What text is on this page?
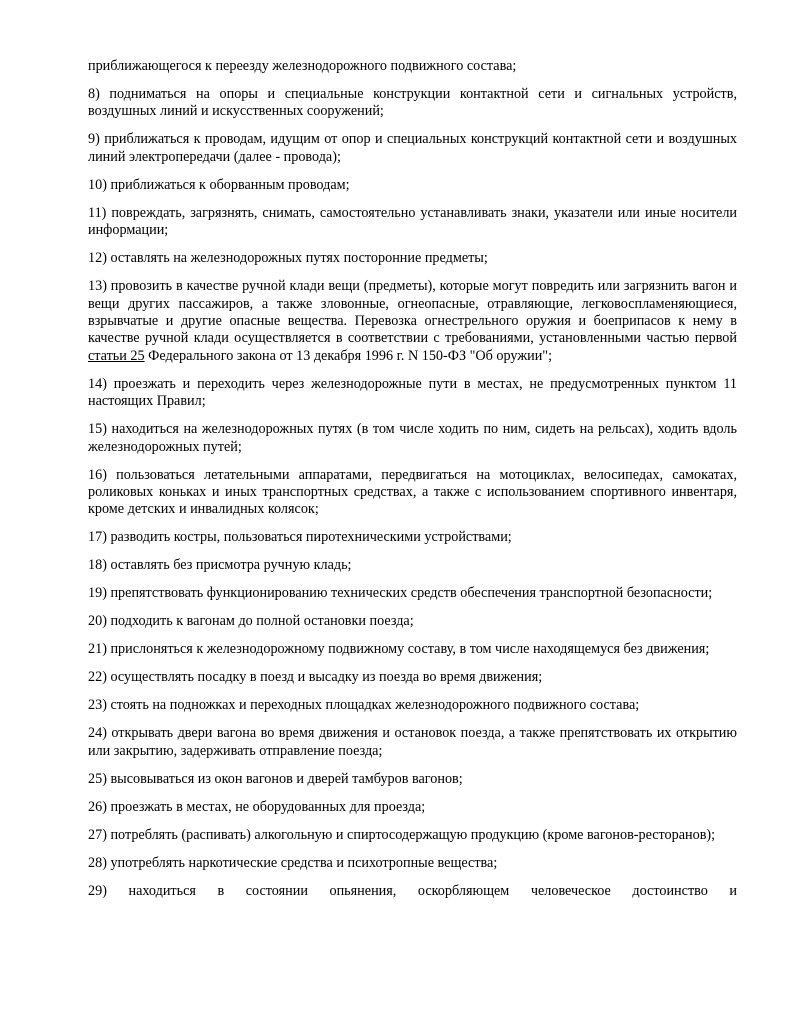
приближающегося к переезду железнодорожного подвижного состава;

8) подниматься на опоры и специальные конструкции контактной сети и сигнальных устройств, воздушных линий и искусственных сооружений;

9) приближаться к проводам, идущим от опор и специальных конструкций контактной сети и воздушных линий электропередачи (далее - провода);

10) приближаться к оборванным проводам;

11) повреждать, загрязнять, снимать, самостоятельно устанавливать знаки, указатели или иные носители информации;

12) оставлять на железнодорожных путях посторонние предметы;

13) провозить в качестве ручной клади вещи (предметы), которые могут повредить или загрязнить вагон и вещи других пассажиров, а также зловонные, огнеопасные, отравляющие, легковоспламеняющиеся, взрывчатые и другие опасные вещества. Перевозка огнестрельного оружия и боеприпасов к нему в качестве ручной клади осуществляется в соответствии с требованиями, установленными частью первой статьи 25 Федерального закона от 13 декабря 1996 г. N 150-ФЗ "Об оружии";

14) проезжать и переходить через железнодорожные пути в местах, не предусмотренных пунктом 11 настоящих Правил;

15) находиться на железнодорожных путях (в том числе ходить по ним, сидеть на рельсах), ходить вдоль железнодорожных путей;

16) пользоваться летательными аппаратами, передвигаться на мотоциклах, велосипедах, самокатах, роликовых коньках и иных транспортных средствах, а также с использованием спортивного инвентаря, кроме детских и инвалидных колясок;

17) разводить костры, пользоваться пиротехническими устройствами;

18) оставлять без присмотра ручную кладь;

19) препятствовать функционированию технических средств обеспечения транспортной безопасности;

20) подходить к вагонам до полной остановки поезда;

21) прислоняться к железнодорожному подвижному составу, в том числе находящемуся без движения;

22) осуществлять посадку в поезд и высадку из поезда во время движения;

23) стоять на подножках и переходных площадках железнодорожного подвижного состава;

24) открывать двери вагона во время движения и остановок поезда, а также препятствовать их открытию или закрытию, задерживать отправление поезда;

25) высовываться из окон вагонов и дверей тамбуров вагонов;

26) проезжать в местах, не оборудованных для проезда;

27) потреблять (распивать) алкогольную и спиртосодержащую продукцию (кроме вагонов-ресторанов);

28) употреблять наркотические средства и психотропные вещества;

29) находиться в состоянии опьянения, оскорбляющем человеческое достоинство и
